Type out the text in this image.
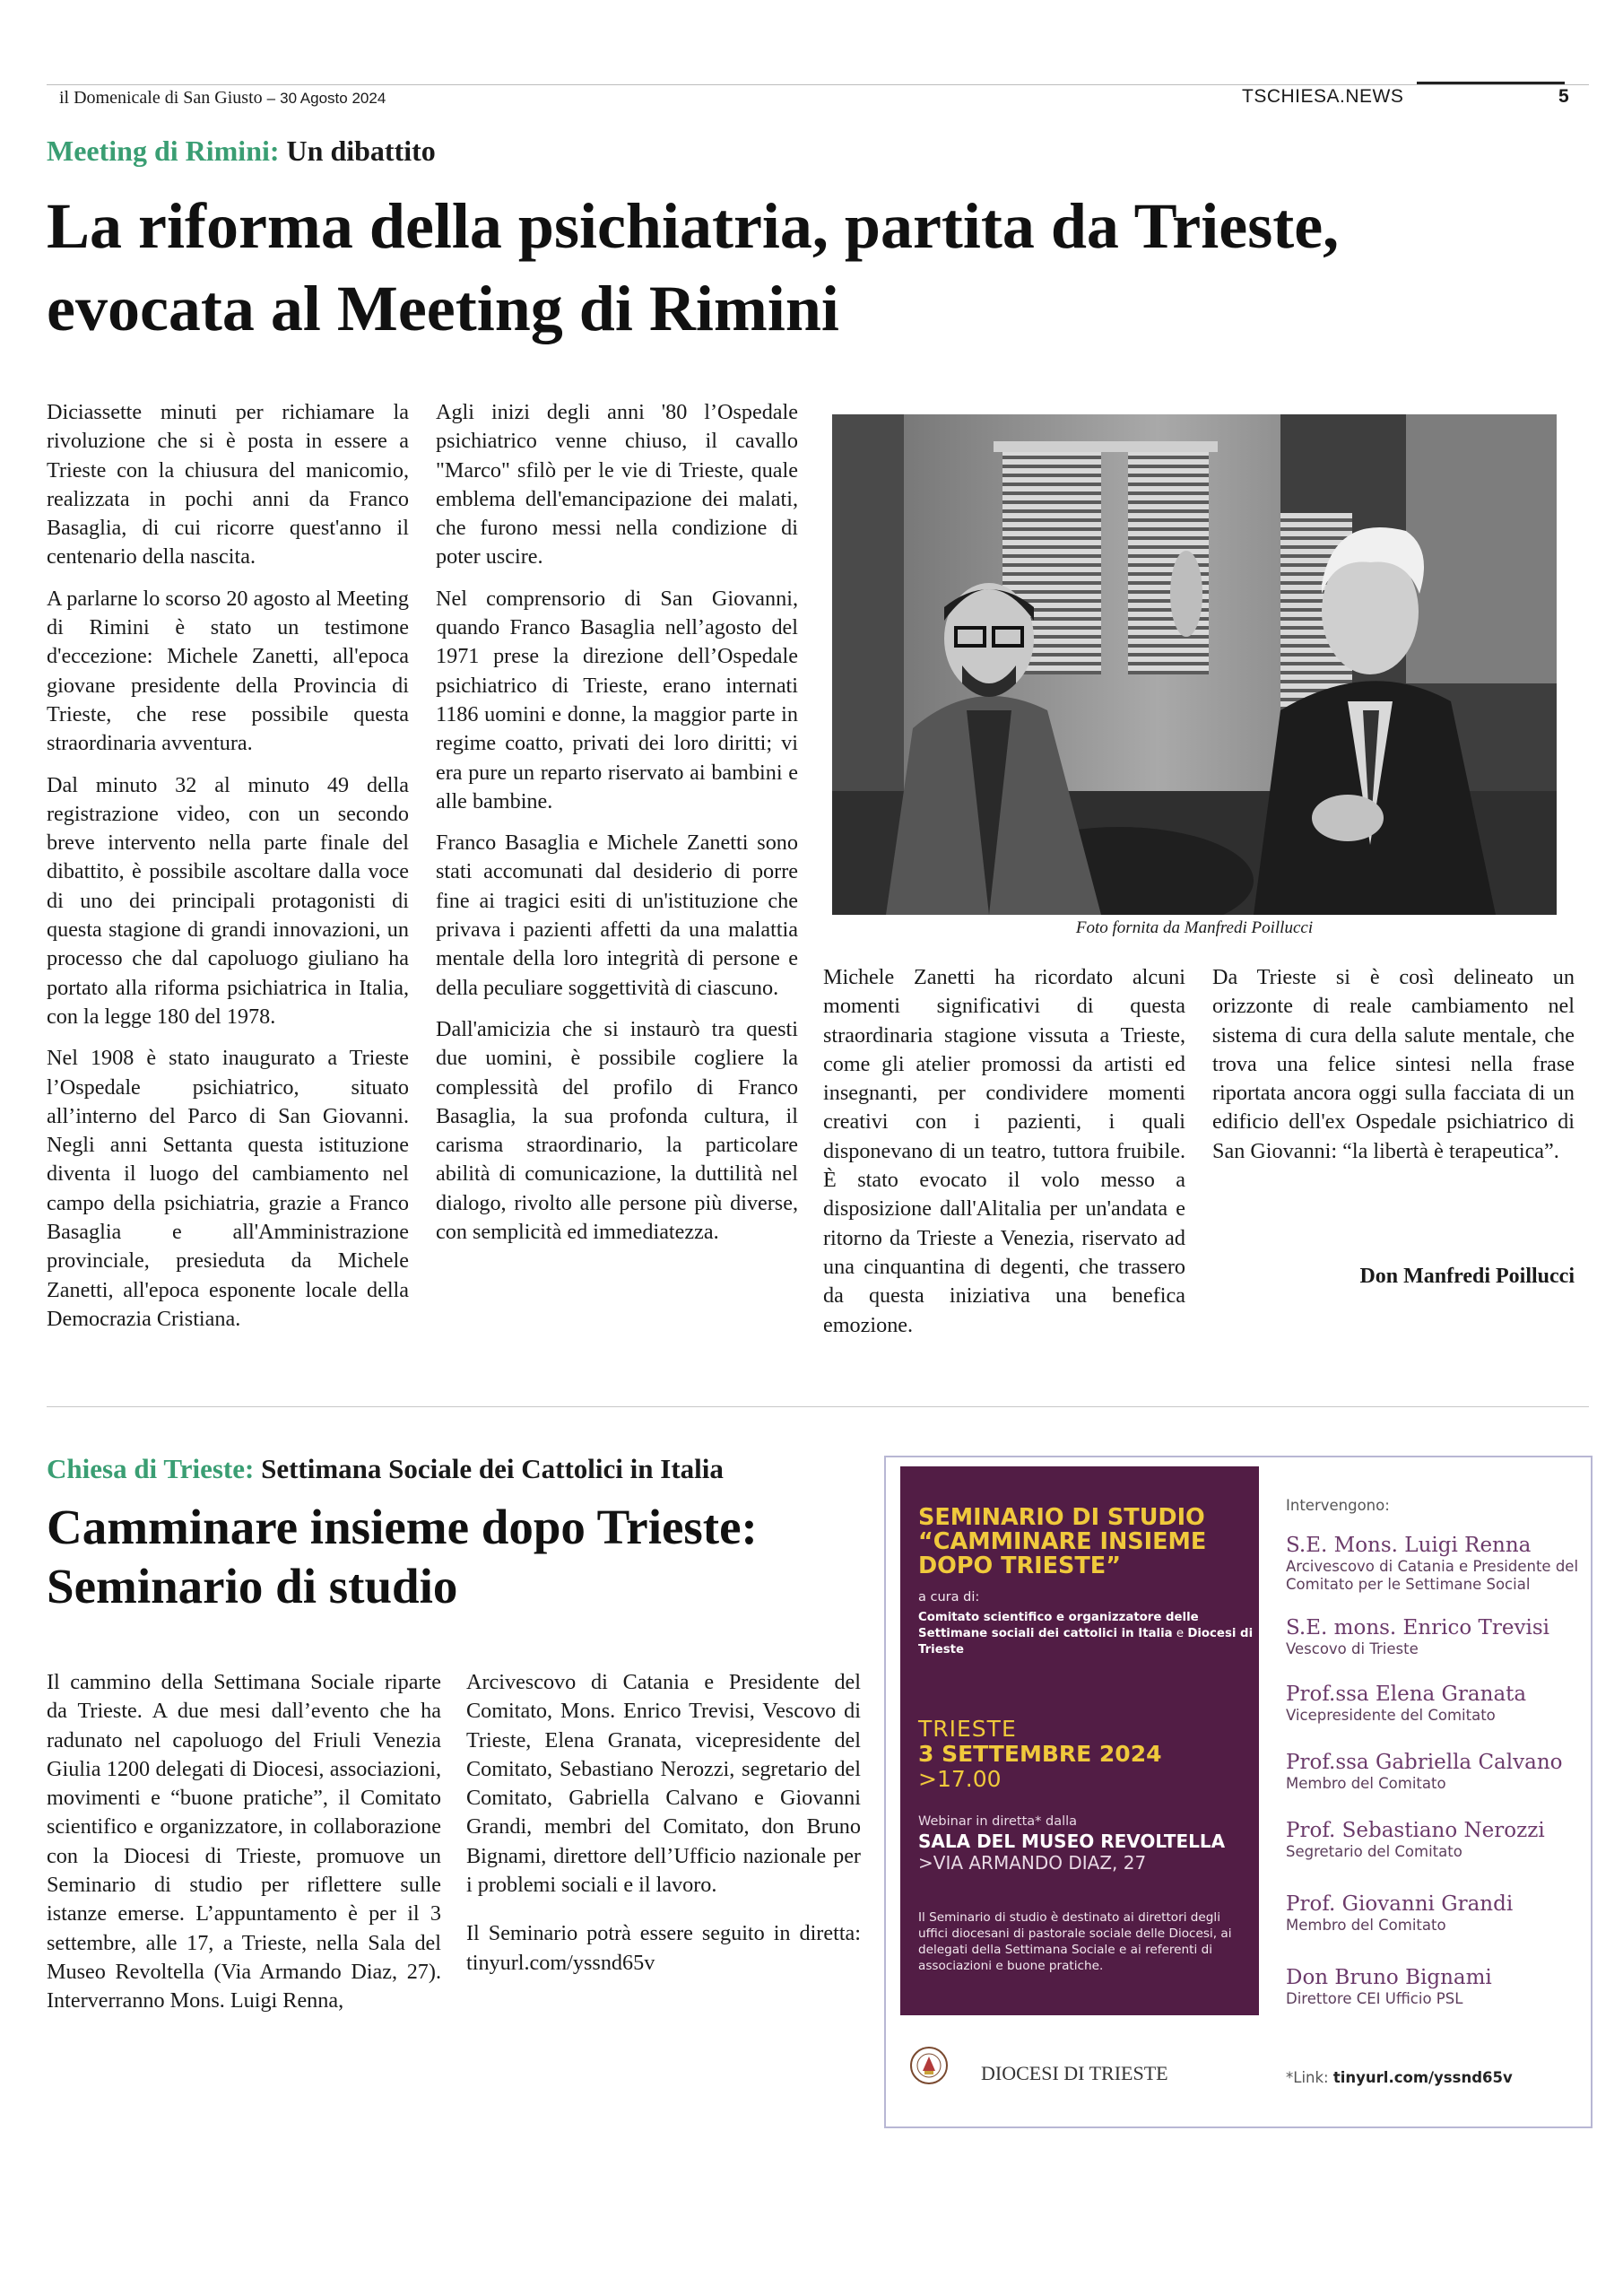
il Domenicale di San Giusto – 30 Agosto 2024	TSCHIESA.NEWS	5
Meeting di Rimini: Un dibattito
La riforma della psichiatria, partita da Trieste,
evocata al Meeting di Rimini

Diciassette minuti per richiamare la rivoluzione che si è posta in essere a Trieste con la chiusura del manicomio, realizzata in pochi anni da Franco Basaglia, di cui ricorre quest'anno il centenario della nascita.

A parlarne lo scorso 20 agosto al Meeting di Rimini è stato un testimone d'eccezione: Michele Zanetti, all'epoca giovane presidente della Provincia di Trieste, che rese possibile questa straordinaria avventura.

Dal minuto 32 al minuto 49 della registrazione video, con un secondo breve intervento nella parte finale del dibattito, è possibile ascoltare dalla voce di uno dei principali protagonisti di questa stagione di grandi innovazioni, un processo che dal capoluogo giuliano ha portato alla riforma psichiatrica in Italia, con la legge 180 del 1978.

Nel 1908 è stato inaugurato a Trieste l’Ospedale psichiatrico, situato all’interno del Parco di San Giovanni. Negli anni Settanta questa istituzione diventa il luogo del cambiamento nel campo della psichiatria, grazie a Franco Basaglia e all'Amministrazione provinciale, presieduta da Michele Zanetti, all'epoca esponente locale della Democrazia Cristiana.

Agli inizi degli anni '80 l’Ospedale psichiatrico venne chiuso, il cavallo "Marco" sfilò per le vie di Trieste, quale emblema dell'emancipazione dei malati, che furono messi nella condizione di poter uscire.

Nel comprensorio di San Giovanni, quando Franco Basaglia nell’agosto del 1971 prese la direzione dell’Ospedale psichiatrico di Trieste, erano internati 1186 uomini e donne, la maggior parte in regime coatto, privati dei loro diritti; vi era pure un reparto riservato ai bambini e alle bambine.

Franco Basaglia e Michele Zanetti sono stati accomunati dal desiderio di porre fine ai tragici esiti di un'istituzione che privava i pazienti affetti da una malattia mentale della loro integrità di persone e della peculiare soggettività di ciascuno.

Dall'amicizia che si instaurò tra questi due uomini, è possibile cogliere la complessità del profilo di Franco Basaglia, la sua profonda cultura, il carisma straordinario, la particolare abilità di comunicazione, la duttilità nel dialogo, rivolto alle persone più diverse, con semplicità ed immediatezza.

Foto fornita da Manfredi Poillucci

Michele Zanetti ha ricordato alcuni momenti significativi di questa straordinaria stagione vissuta a Trieste, come gli atelier promossi da artisti ed insegnanti, per condividere momenti creativi con i pazienti, i quali disponevano di un teatro, tuttora fruibile. È stato evocato il volo messo a disposizione dall'Alitalia per un'andata e ritorno da Trieste a Venezia, riservato ad una cinquantina di degenti, che trassero da questa iniziativa una benefica emozione.

Da Trieste si è così delineato un orizzonte di reale cambiamento nel sistema di cura della salute mentale, che trova una felice sintesi nella frase riportata ancora oggi sulla facciata di un edificio dell'ex Ospedale psichiatrico di San Giovanni: “la libertà è terapeutica”.

Don Manfredi Poillucci
Chiesa di Trieste: Settimana Sociale dei Cattolici in Italia
Camminare insieme dopo Trieste:
Seminario di studio

Il cammino della Settimana Sociale riparte da Trieste. A due mesi dall’evento che ha radunato nel capoluogo del Friuli Venezia Giulia 1200 delegati di Diocesi, associazioni, movimenti e “buone pratiche”, il Comitato scientifico e organizzatore, in collaborazione con la Diocesi di Trieste, promuove un Seminario di studio per riflettere sulle istanze emerse. L’appuntamento è per il 3 settembre, alle 17, a Trieste, nella Sala del Museo Revoltella (Via Armando Diaz, 27). Interverranno Mons. Luigi Renna,

Arcivescovo di Catania e Presidente del Comitato, Mons. Enrico Trevisi, Vescovo di Trieste, Elena Granata, vicepresidente del Comitato, Sebastiano Nerozzi, segretario del Comitato, Gabriella Calvano e Giovanni Grandi, membri del Comitato, don Bruno Bignami, direttore dell’Ufficio nazionale per i problemi sociali e il lavoro.

Il Seminario potrà essere seguito in diretta: tinyurl.com/yssnd65v

SEMINARIO DI STUDIO “CAMMINARE INSIEME DOPO TRIESTE”
a cura di:
Comitato scientifico e organizzatore delle Settimane sociali dei cattolici in Italia e Diocesi di Trieste
TRIESTE
3 SETTEMBRE 2024
>17.00
Webinar in diretta* dalla
SALA DEL MUSEO REVOLTELLA
>VIA ARMANDO DIAZ, 27
Il Seminario di studio è destinato ai direttori degli uffici diocesani di pastorale sociale delle Diocesi, ai delegati della Settimana Sociale e ai referenti di associazioni e buone pratiche.
DIOCESI DI TRIESTE
Intervengono:
S.E. Mons. Luigi Renna
Arcivescovo di Catania e Presidente del Comitato per le Settimane Social
S.E. mons. Enrico Trevisi
Vescovo di Trieste
Prof.ssa Elena Granata
Vicepresidente del Comitato
Prof.ssa Gabriella Calvano
Membro del Comitato
Prof. Sebastiano Nerozzi
Segretario del Comitato
Prof. Giovanni Grandi
Membro del Comitato
Don Bruno Bignami
Direttore CEI Ufficio PSL
*Link: tinyurl.com/yssnd65v
